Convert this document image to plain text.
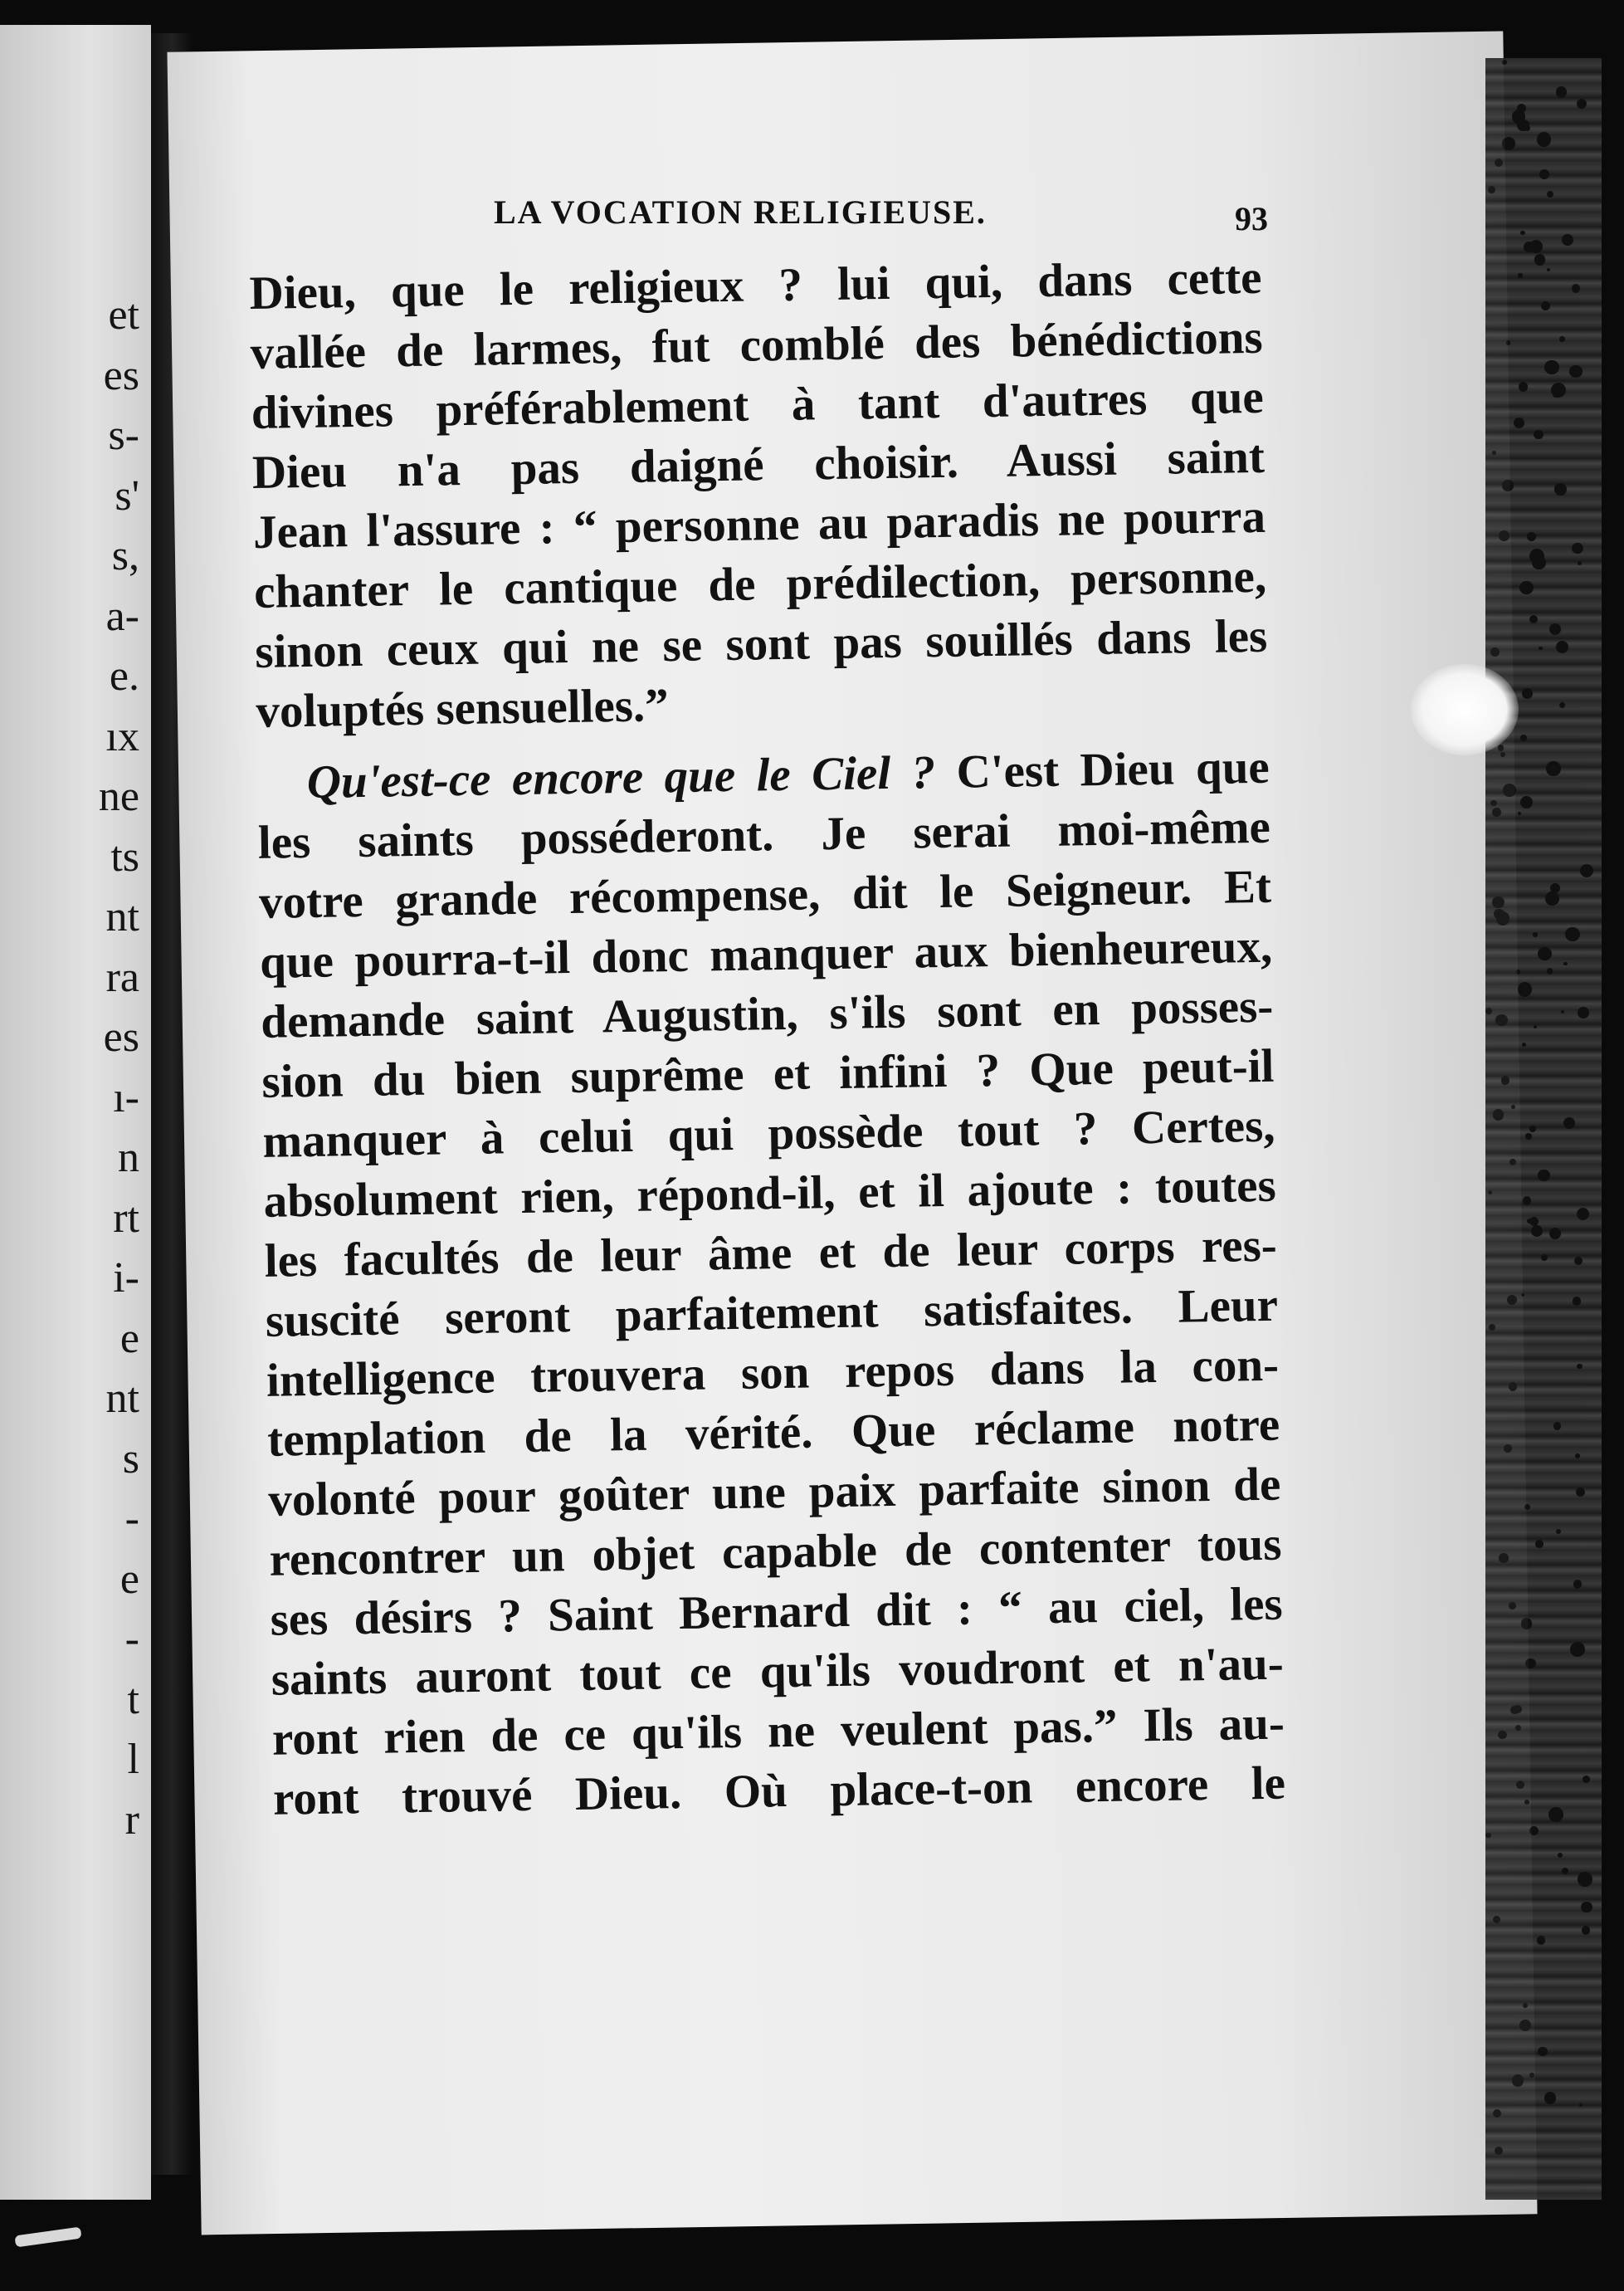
et
es
s-
s'
s,
a-
e.
ıx
ne
ts
nt
ra
es
ı-
n
rt
i-
e
nt
s
-
e
-
t
l
r
LA VOCATION RELIGIEUSE.	93
Dieu, que le religieux ? lui qui, dans cette
vallée de larmes, fut comblé des bénédictions
divines préférablement à tant d'autres que
Dieu n'a pas daigné choisir. Aussi saint
Jean l'assure : “ personne au paradis ne pourra
chanter le cantique de prédilection, personne,
sinon ceux qui ne se sont pas souillés dans les
voluptés sensuelles.”
Qu'est-ce encore que le Ciel ? C'est Dieu que
les saints posséderont. Je serai moi-même
votre grande récompense, dit le Seigneur. Et
que pourra-t-il donc manquer aux bienheureux,
demande saint Augustin, s'ils sont en posses-
sion du bien suprême et infini ? Que peut-il
manquer à celui qui possède tout ? Certes,
absolument rien, répond-il, et il ajoute : toutes
les facultés de leur âme et de leur corps res-
suscité seront parfaitement satisfaites. Leur
intelligence trouvera son repos dans la con-
templation de la vérité. Que réclame notre
volonté pour goûter une paix parfaite sinon de
rencontrer un objet capable de contenter tous
ses désirs ? Saint Bernard dit : “ au ciel, les
saints auront tout ce qu'ils voudront et n'au-
ront rien de ce qu'ils ne veulent pas.” Ils au-
ront trouvé Dieu. Où place-t-on encore le
